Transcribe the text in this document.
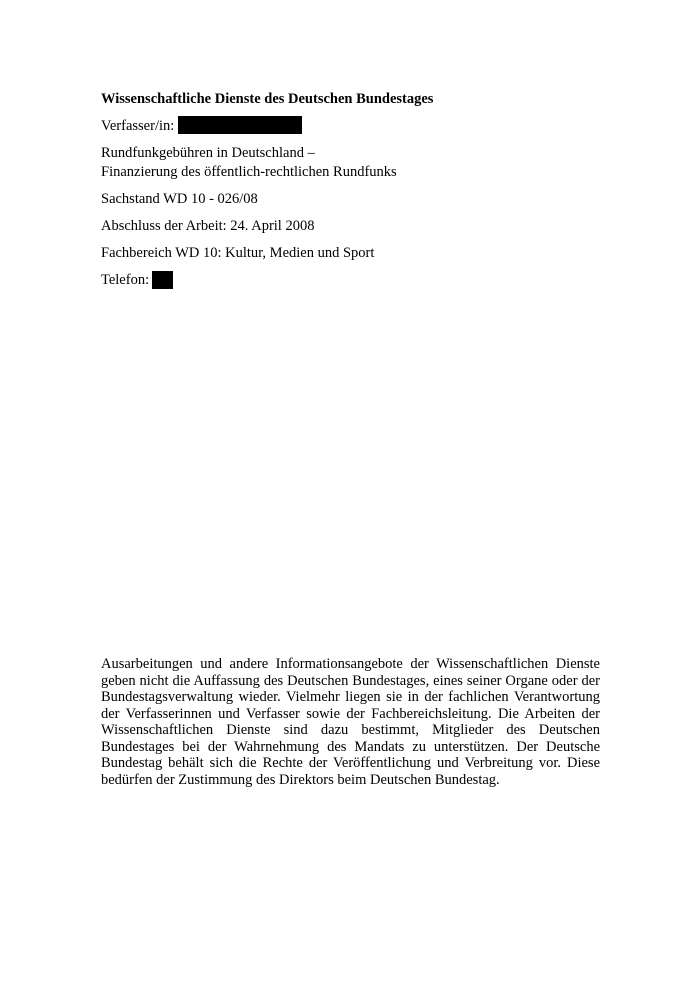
Wissenschaftliche Dienste des Deutschen Bundestages
Verfasser/in:
Rundfunkgebühren in Deutschland –
Finanzierung des öffentlich-rechtlichen Rundfunks
Sachstand WD 10 - 026/08
Abschluss der Arbeit: 24. April 2008
Fachbereich WD 10: Kultur, Medien und Sport
Telefon:
Ausarbeitungen und andere Informationsangebote der Wissenschaftlichen Dienste geben nicht die Auffassung des Deutschen Bundestages, eines seiner Organe oder der Bundestagsverwaltung wieder. Vielmehr liegen sie in der fachlichen Verantwortung der Verfasserinnen und Verfasser sowie der Fachbereichsleitung. Die Arbeiten der Wissenschaftlichen Dienste sind dazu bestimmt, Mitglieder des Deutschen Bundestages bei der Wahrnehmung des Mandats zu unterstützen. Der Deutsche Bundestag behält sich die Rechte der Veröffentlichung und Verbreitung vor. Diese bedürfen der Zustimmung des Direktors beim Deutschen Bundestag.
